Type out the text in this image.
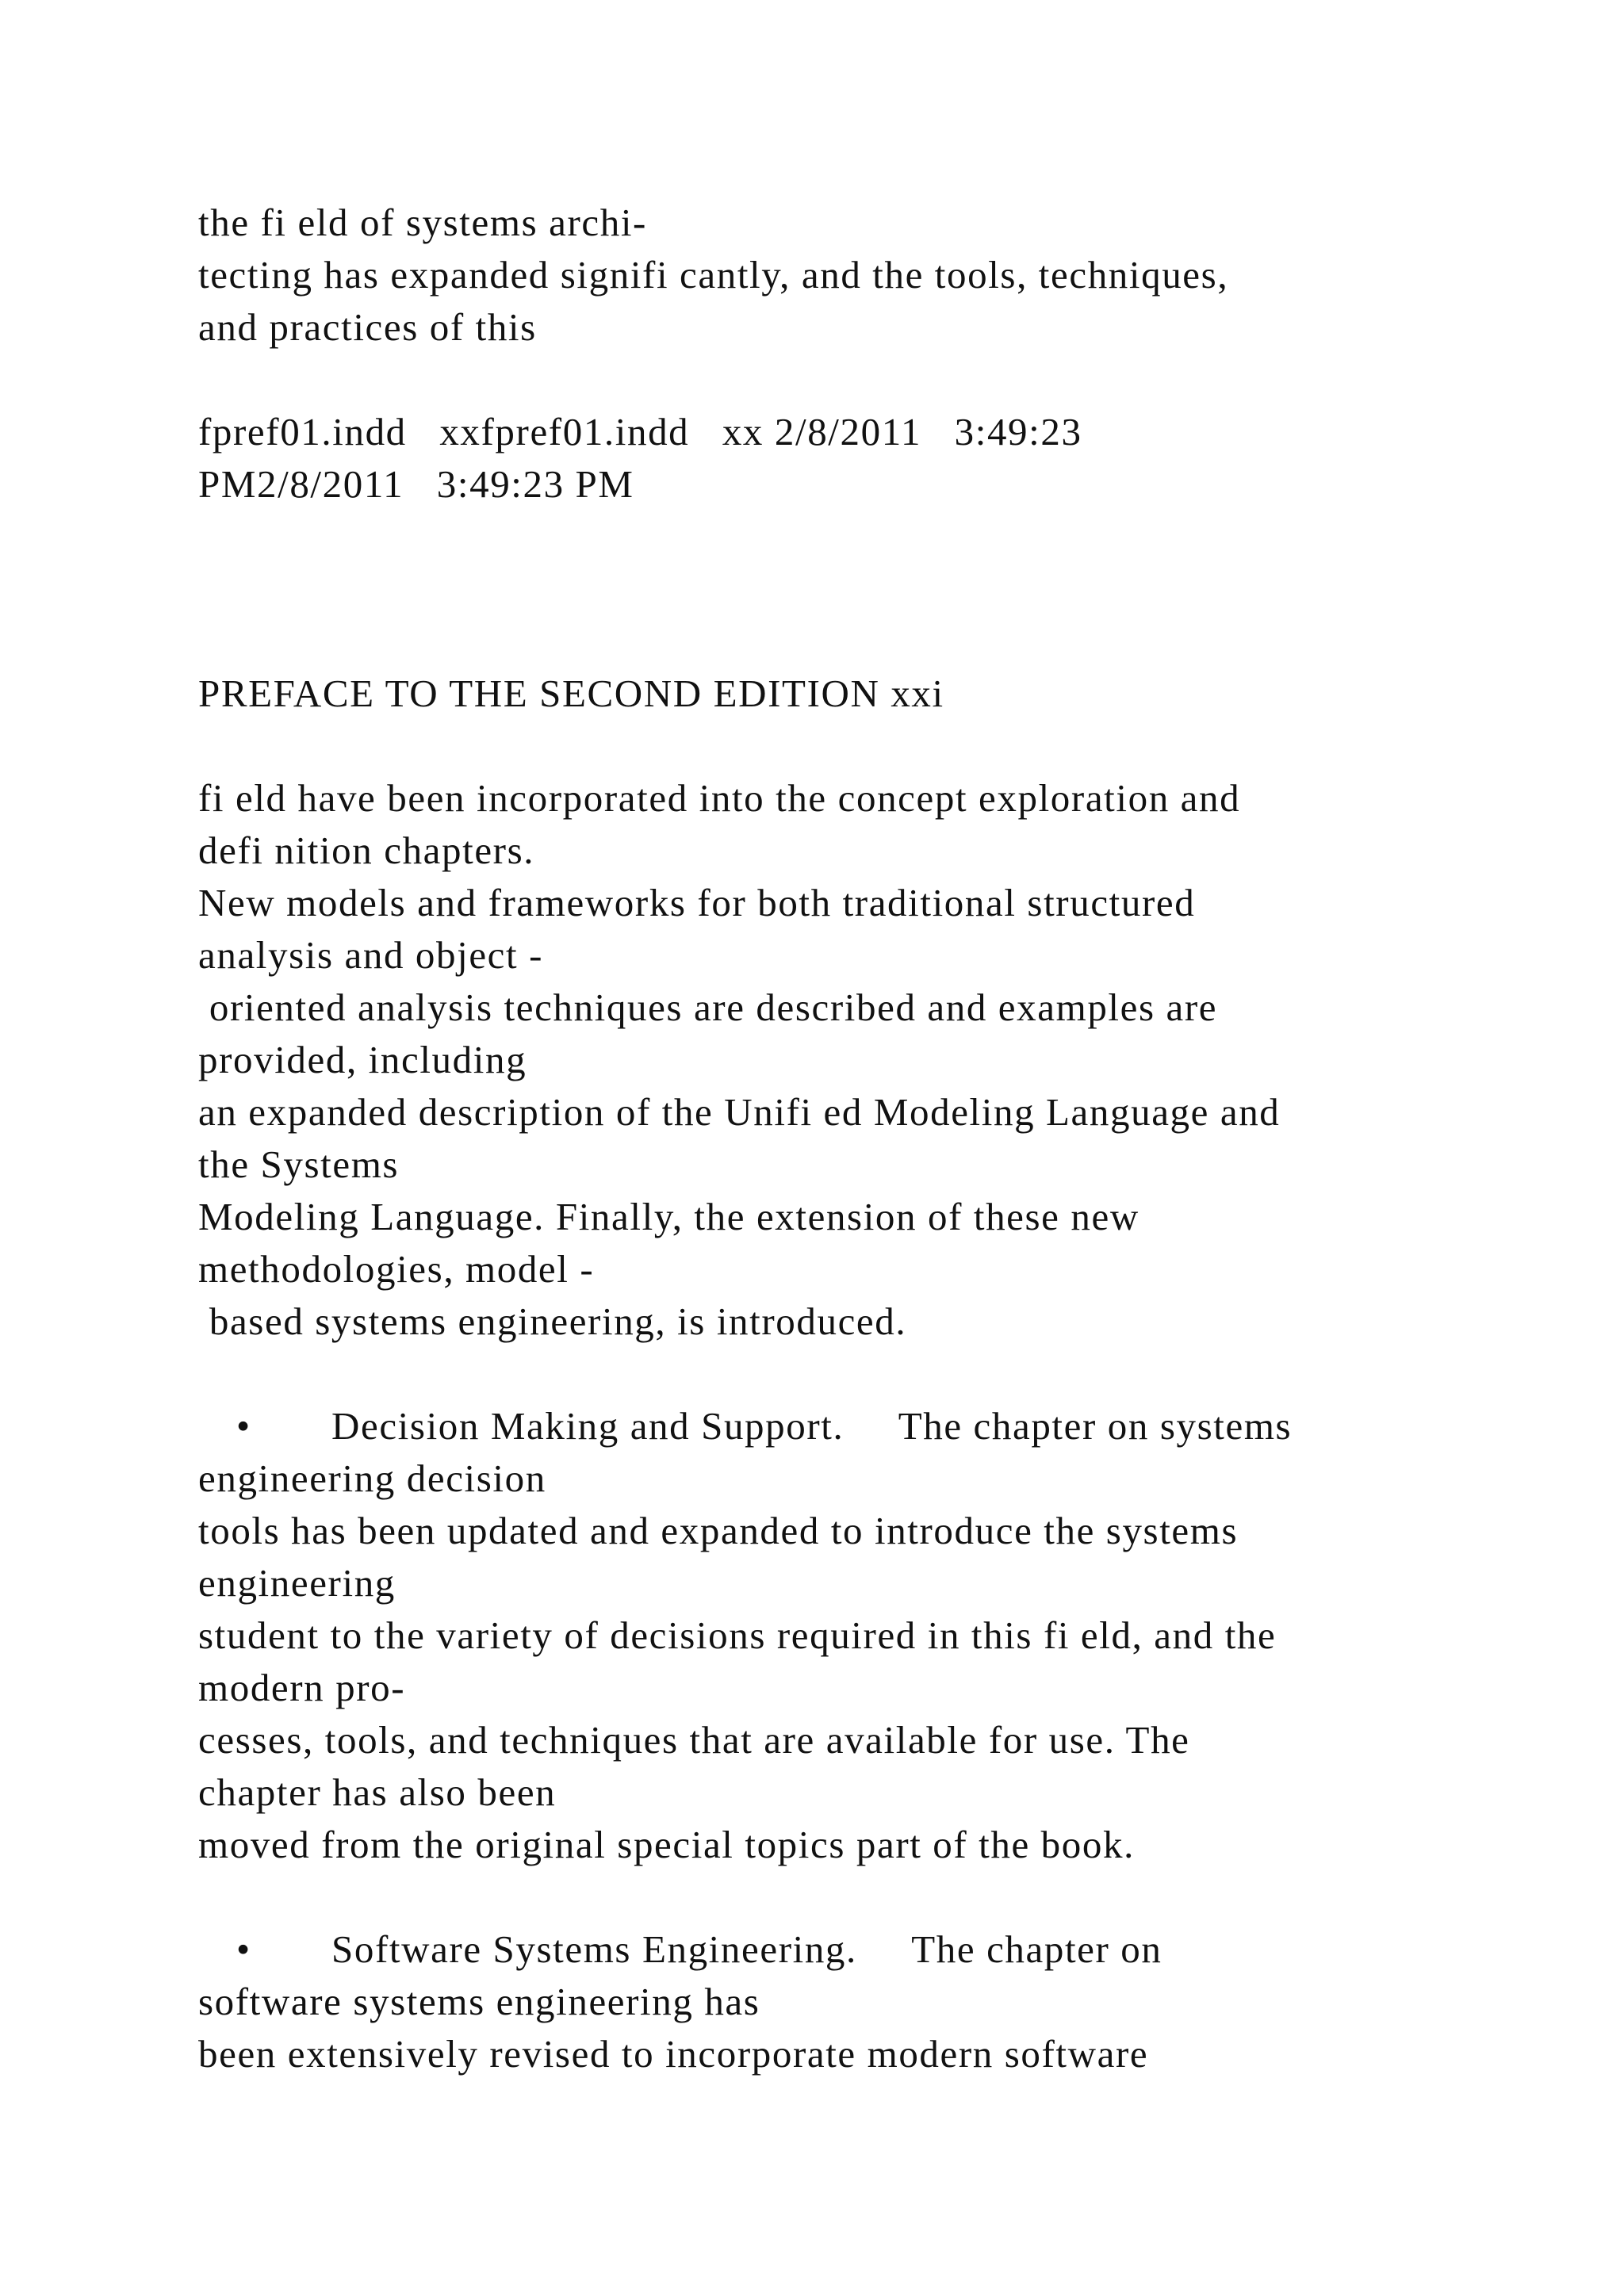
the fi eld of systems archi-
tecting has expanded signifi cantly, and the tools, techniques,
and practices of this
fpref01.indd   xxfpref01.indd   xx 2/8/2011   3:49:23
PM2/8/2011   3:49:23 PM
PREFACE TO THE SECOND EDITION xxi
fi eld have been incorporated into the concept exploration and
defi nition chapters.
New models and frameworks for both traditional structured
analysis and object -
oriented analysis techniques are described and examples are
provided, including
an expanded description of the Unifi ed Modeling Language and
the Systems
Modeling Language. Finally, the extension of these new
methodologies, model -
based systems engineering, is introduced.
• Decision Making and Support.     The chapter on systems
engineering decision
tools has been updated and expanded to introduce the systems
engineering
student to the variety of decisions required in this fi eld, and the
modern pro-
cesses, tools, and techniques that are available for use. The
chapter has also been
moved from the original special topics part of the book.
• Software Systems Engineering.     The chapter on
software systems engineering has
been extensively revised to incorporate modern software
